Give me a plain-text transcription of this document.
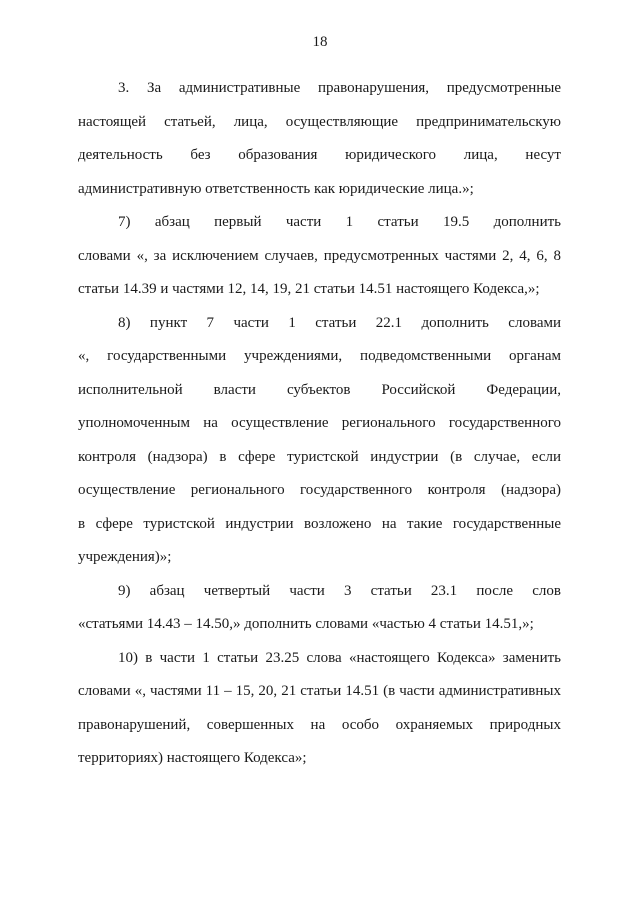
18
3. За административные правонарушения, предусмотренные
настоящей статьей, лица, осуществляющие предпринимательскую
деятельность без образования юридического лица, несут
административную ответственность как юридические лица.»;
7) абзац первый части 1 статьи 19.5 дополнить
словами «, за исключением случаев, предусмотренных частями 2, 4, 6, 8
статьи 14.39 и частями 12, 14, 19, 21 статьи 14.51 настоящего Кодекса,»;
8) пункт 7 части 1 статьи 22.1 дополнить словами
«, государственными учреждениями, подведомственными органам
исполнительной власти субъектов Российской Федерации,
уполномоченным на осуществление регионального государственного
контроля (надзора) в сфере туристской индустрии (в случае, если
осуществление регионального государственного контроля (надзора)
в сфере туристской индустрии возложено на такие государственные
учреждения)»;
9) абзац четвертый части 3 статьи 23.1 после слов
«статьями 14.43 – 14.50,» дополнить словами «частью 4 статьи 14.51,»;
10) в части 1 статьи 23.25 слова «настоящего Кодекса» заменить
словами «, частями 11 – 15, 20, 21 статьи 14.51 (в части административных
правонарушений, совершенных на особо охраняемых природных
территориях) настоящего Кодекса»;
